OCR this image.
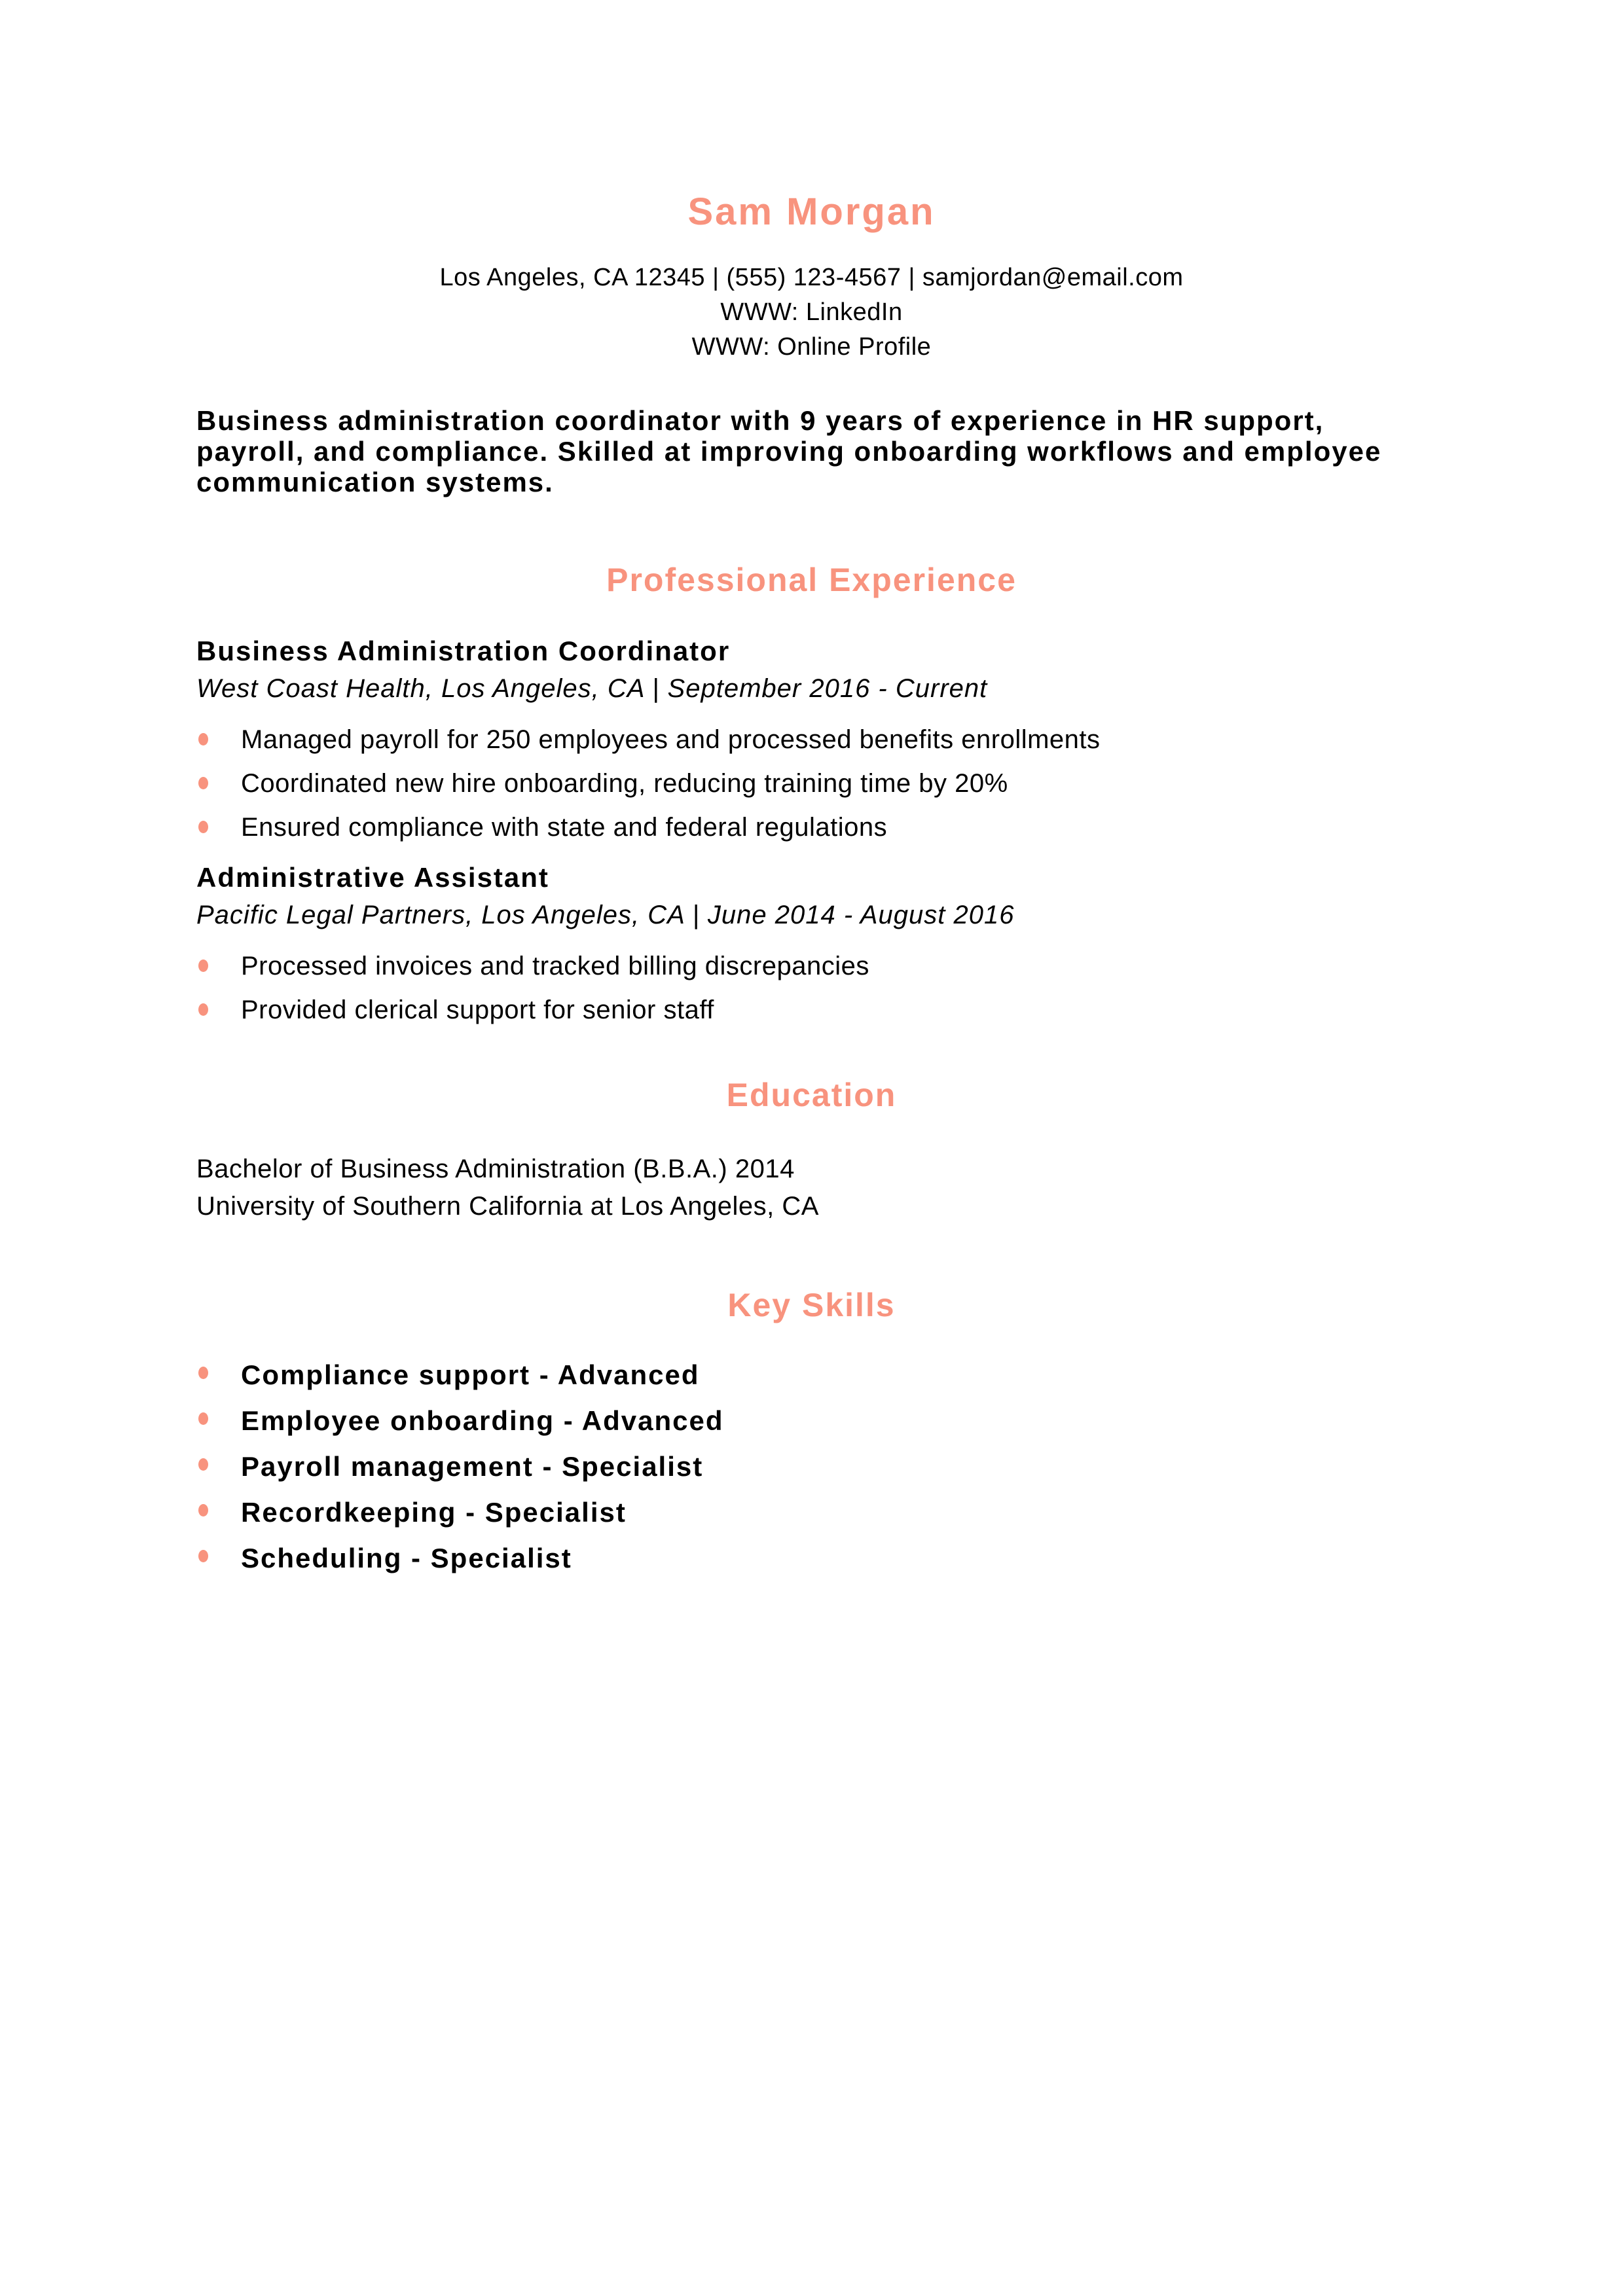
Sam Morgan
Los Angeles, CA 12345 | (555) 123-4567 | samjordan@email.com
WWW: LinkedIn
WWW: Online Profile

Business administration coordinator with 9 years of experience in HR support, payroll, and compliance. Skilled at improving onboarding workflows and employee communication systems.

Professional Experience
Business Administration Coordinator
West Coast Health, Los Angeles, CA | September 2016 - Current
Managed payroll for 250 employees and processed benefits enrollments
Coordinated new hire onboarding, reducing training time by 20%
Ensured compliance with state and federal regulations
Administrative Assistant
Pacific Legal Partners, Los Angeles, CA | June 2014 - August 2016
Processed invoices and tracked billing discrepancies
Provided clerical support for senior staff
Education
Bachelor of Business Administration (B.B.A.) 2014
University of Southern California at Los Angeles, CA
Key Skills
Compliance support - Advanced
Employee onboarding - Advanced
Payroll management - Specialist
Recordkeeping - Specialist
Scheduling - Specialist
